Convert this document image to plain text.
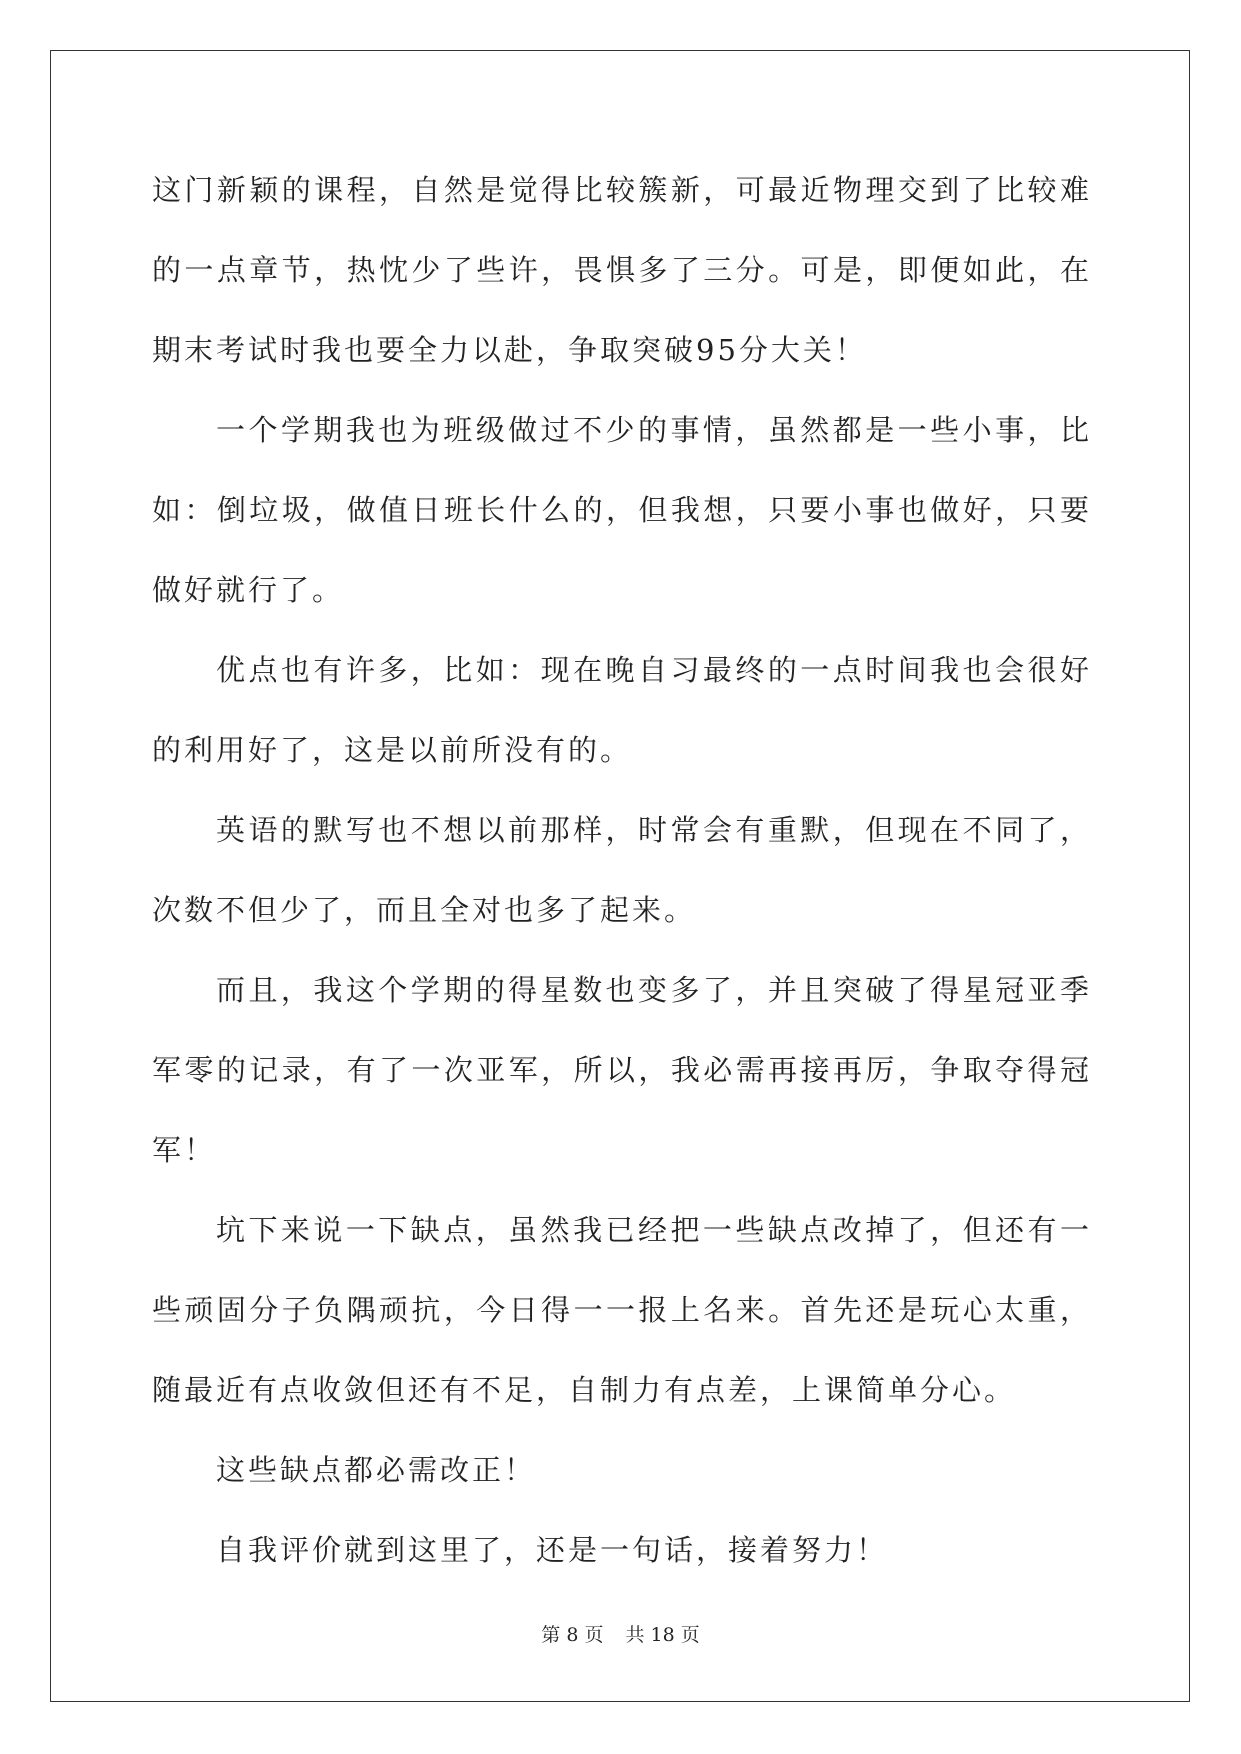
这门新颖的课程，自然是觉得比较簇新，可最近物理交到了比较难的一点章节，热忱少了些许，畏惧多了三分。可是，即便如此，在期末考试时我也要全力以赴，争取突破95分大关！

一个学期我也为班级做过不少的事情，虽然都是一些小事，比如：倒垃圾，做值日班长什么的，但我想，只要小事也做好，只要做好就行了。

优点也有许多，比如：现在晚自习最终的一点时间我也会很好的利用好了，这是以前所没有的。

英语的默写也不想以前那样，时常会有重默，但现在不同了，次数不但少了，而且全对也多了起来。

而且，我这个学期的得星数也变多了，并且突破了得星冠亚季军零的记录，有了一次亚军，所以，我必需再接再厉，争取夺得冠军！

坑下来说一下缺点，虽然我已经把一些缺点改掉了，但还有一些顽固分子负隅顽抗，今日得一一报上名来。首先还是玩心太重，随最近有点收敛但还有不足，自制力有点差，上课简单分心。

这些缺点都必需改正！

自我评价就到这里了，还是一句话，接着努力！

第 8 页 共 18 页
